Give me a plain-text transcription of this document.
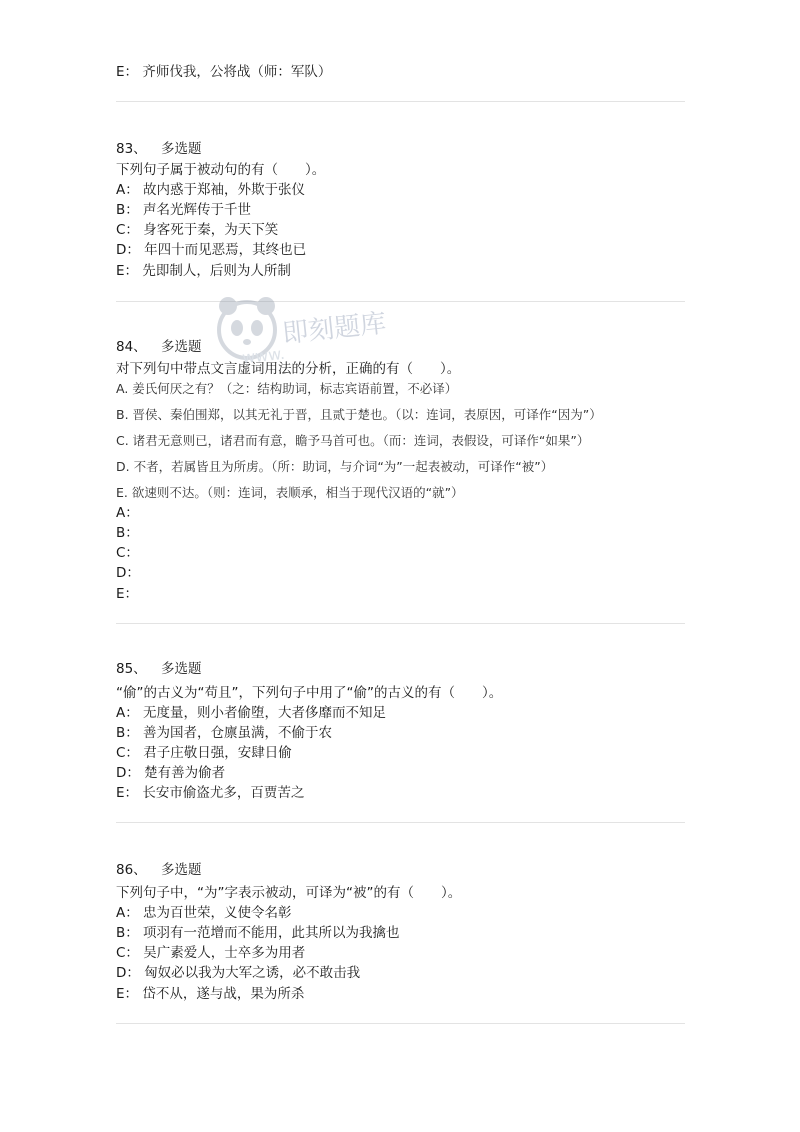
E： 齐师伐我，公将战（师：军队）
83、 多选题
下列句子属于被动句的有（　　）。
A： 故内惑于郑袖，外欺于张仪
B： 声名光辉传于千世
C： 身客死于秦，为天下笑
D： 年四十而见恶焉，其终也已
E： 先即制人，后则为人所制
84、 多选题
对下列句中带点文言虚词用法的分析，正确的有（　　）。
A. 姜氏何厌之有？（之：结构助词，标志宾语前置，不必译）
B. 晋侯、秦伯围郑，以其无礼于晋，且贰于楚也。（以：连词，表原因，可译作“因为”）
C. 诸君无意则已，诸君而有意，瞻予马首可也。（而：连词，表假设，可译作“如果”）
D. 不者，若属皆且为所虏。（所：助词，与介词“为”一起表被动，可译作“被”）
E. 欲速则不达。（则：连词，表顺承，相当于现代汉语的“就”）
A：
B：
C：
D：
E：
85、 多选题
“偷”的古义为“苟且”，下列句子中用了“偷”的古义的有（　　）。
A： 无度量，则小者偷堕，大者侈靡而不知足
B： 善为国者，仓廪虽满，不偷于农
C： 君子庄敬日强，安肆日偷
D： 楚有善为偷者
E： 长安市偷盗尤多，百贾苦之
86、 多选题
下列句子中，“为”字表示被动，可译为“被”的有（　　）。
A： 忠为百世荣，义使令名彰
B： 项羽有一范增而不能用，此其所以为我擒也
C： 吴广素爱人，士卒多为用者
D： 匈奴必以我为大军之诱，必不敢击我
E： 岱不从，遂与战，果为所杀
即刻题库
www.
